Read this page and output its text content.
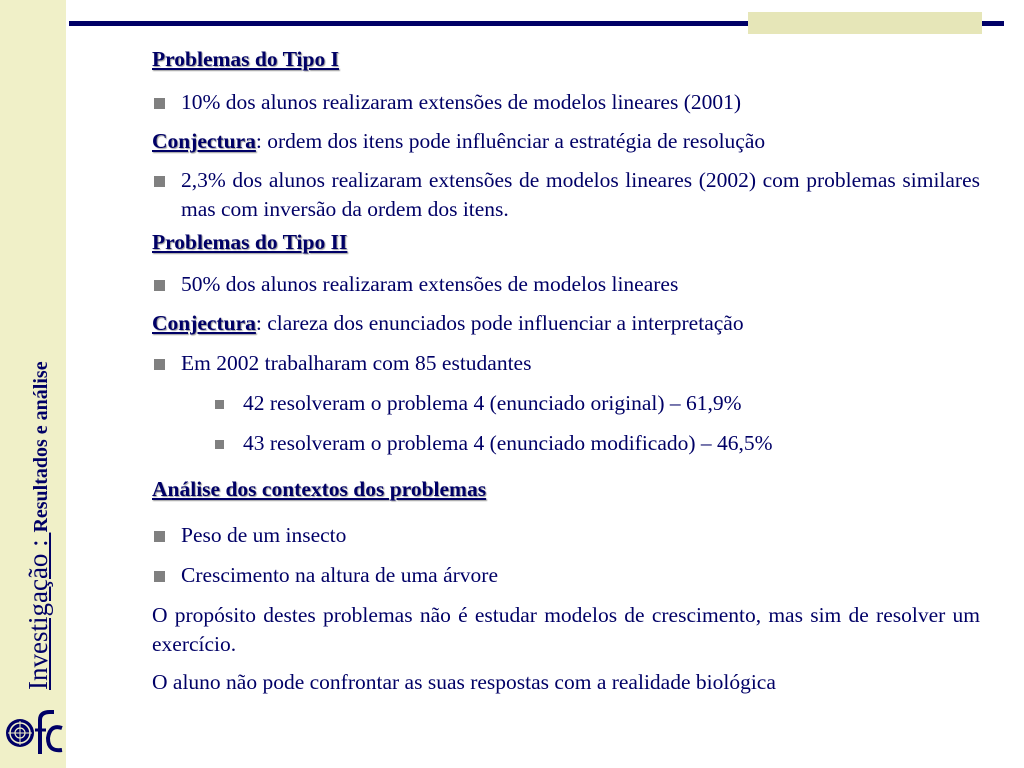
Investigação : Resultados e análise

Problemas do Tipo I

10% dos alunos realizaram extensões de modelos lineares (2001)

Conjectura: ordem dos itens pode influênciar a estratégia de resolução

2,3% dos alunos realizaram extensões de modelos lineares (2002) com problemas similares mas com inversão da ordem dos itens.

Problemas do Tipo II

50% dos alunos realizaram extensões de modelos lineares

Conjectura: clareza dos enunciados pode influenciar a interpretação

Em 2002 trabalharam com 85 estudantes

42 resolveram o problema 4 (enunciado original) – 61,9%

43 resolveram o problema 4 (enunciado modificado) – 46,5%

Análise dos contextos dos problemas

Peso de um insecto

Crescimento na altura de uma árvore

O propósito destes problemas não é estudar modelos de crescimento, mas sim de resolver um exercício.

O aluno não pode confrontar as suas respostas com a realidade biológica
